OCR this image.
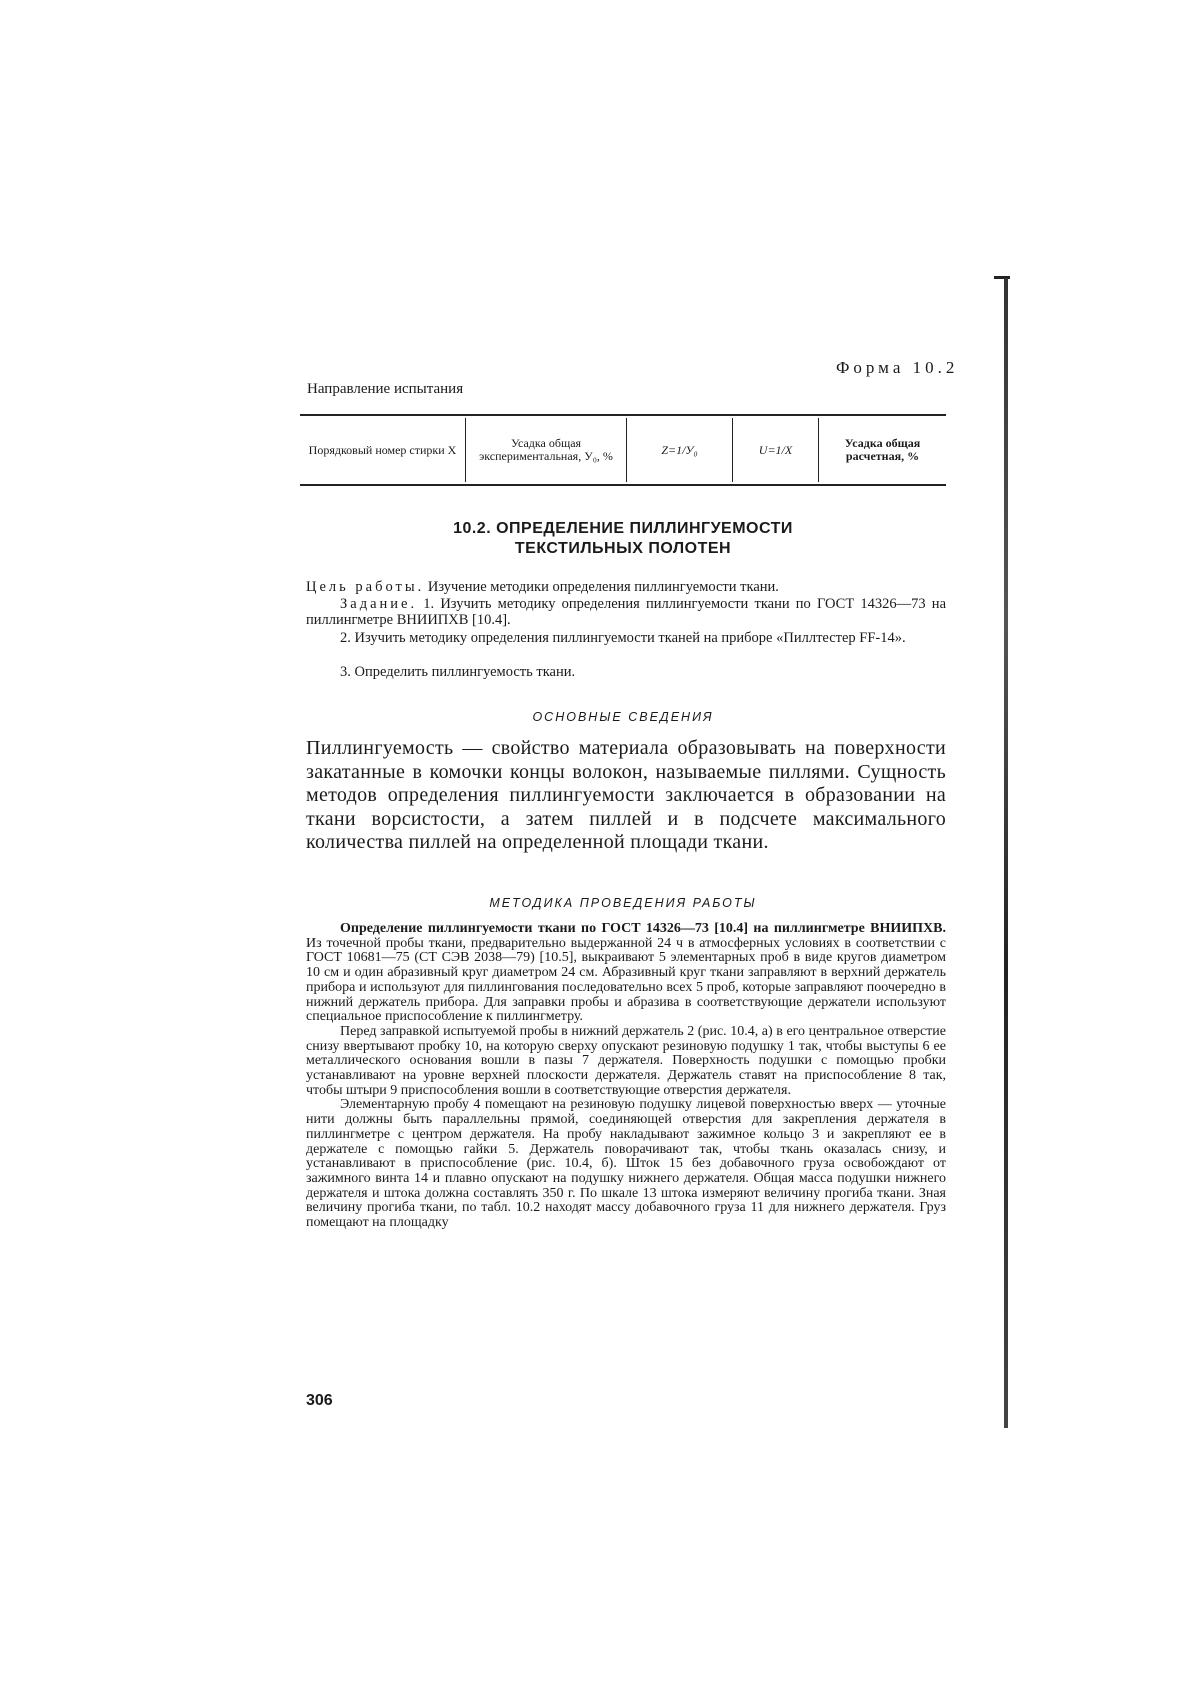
Форма 10.2
Направление испытания
Порядковый номер стирки X	Усадка общая экспериментальная, У₀, %	Z=1/У₀	U=1/X	Усадка общая расчетная, %
10.2. ОПРЕДЕЛЕНИЕ ПИЛЛИНГУЕМОСТИ
ТЕКСТИЛЬНЫХ ПОЛОТЕН
Цель работы. Изучение методики определения пиллингуемости ткани.
Задание. 1. Изучить методику определения пиллингуемости ткани по ГОСТ 14326—73 на пиллингметре ВНИИПХВ [10.4].
2. Изучить методику определения пиллингуемости тканей на приборе «Пиллтестер FF-14».
3. Определить пиллингуемость ткани.
ОСНОВНЫЕ СВЕДЕНИЯ
Пиллингуемость — свойство материала образовывать на поверхности закатанные в комочки концы волокон, называемые пиллями. Сущность методов определения пиллингуемости заключается в образовании на ткани ворсистости, а затем пиллей и в подсчете максимального количества пиллей на определенной площади ткани.
МЕТОДИКА ПРОВЕДЕНИЯ РАБОТЫ

Определение пиллингуемости ткани по ГОСТ 14326—73 [10.4] на пиллингметре ВНИИПХВ. Из точечной пробы ткани, предварительно выдержанной 24 ч в атмосферных условиях в соответствии с ГОСТ 10681—75 (СТ СЭВ 2038—79) [10.5], выкраивают 5 элементарных проб в виде кругов диаметром 10 см и один абразивный круг диаметром 24 см. Абразивный круг ткани заправляют в верхний держатель прибора и используют для пиллингования последовательно всех 5 проб, которые заправляют поочередно в нижний держатель прибора. Для заправки пробы и абразива в соответствующие держатели используют специальное приспособление к пиллингметру.

Перед заправкой испытуемой пробы в нижний держатель 2 (рис. 10.4, а) в его центральное отверстие снизу ввертывают пробку 10, на которую сверху опускают резиновую подушку 1 так, чтобы выступы 6 ее металлического основания вошли в пазы 7 держателя. Поверхность подушки с помощью пробки устанавливают на уровне верхней плоскости держателя. Держатель ставят на приспособление 8 так, чтобы штыри 9 приспособления вошли в соответствующие отверстия держателя.

Элементарную пробу 4 помещают на резиновую подушку лицевой поверхностью вверх — уточные нити должны быть параллельны прямой, соединяющей отверстия для закрепления держателя в пиллингметре с центром держателя. На пробу накладывают зажимное кольцо 3 и закрепляют ее в держателе с помощью гайки 5. Держатель поворачивают так, чтобы ткань оказалась снизу, и устанавливают в приспособление (рис. 10.4, б). Шток 15 без добавочного груза освобождают от зажимного винта 14 и плавно опускают на подушку нижнего держателя. Общая масса подушки нижнего держателя и штока должна составлять 350 г. По шкале 13 штока измеряют величину прогиба ткани. Зная величину прогиба ткани, по табл. 10.2 находят массу добавочного груза 11 для нижнего держателя. Груз помещают на площадку

306
